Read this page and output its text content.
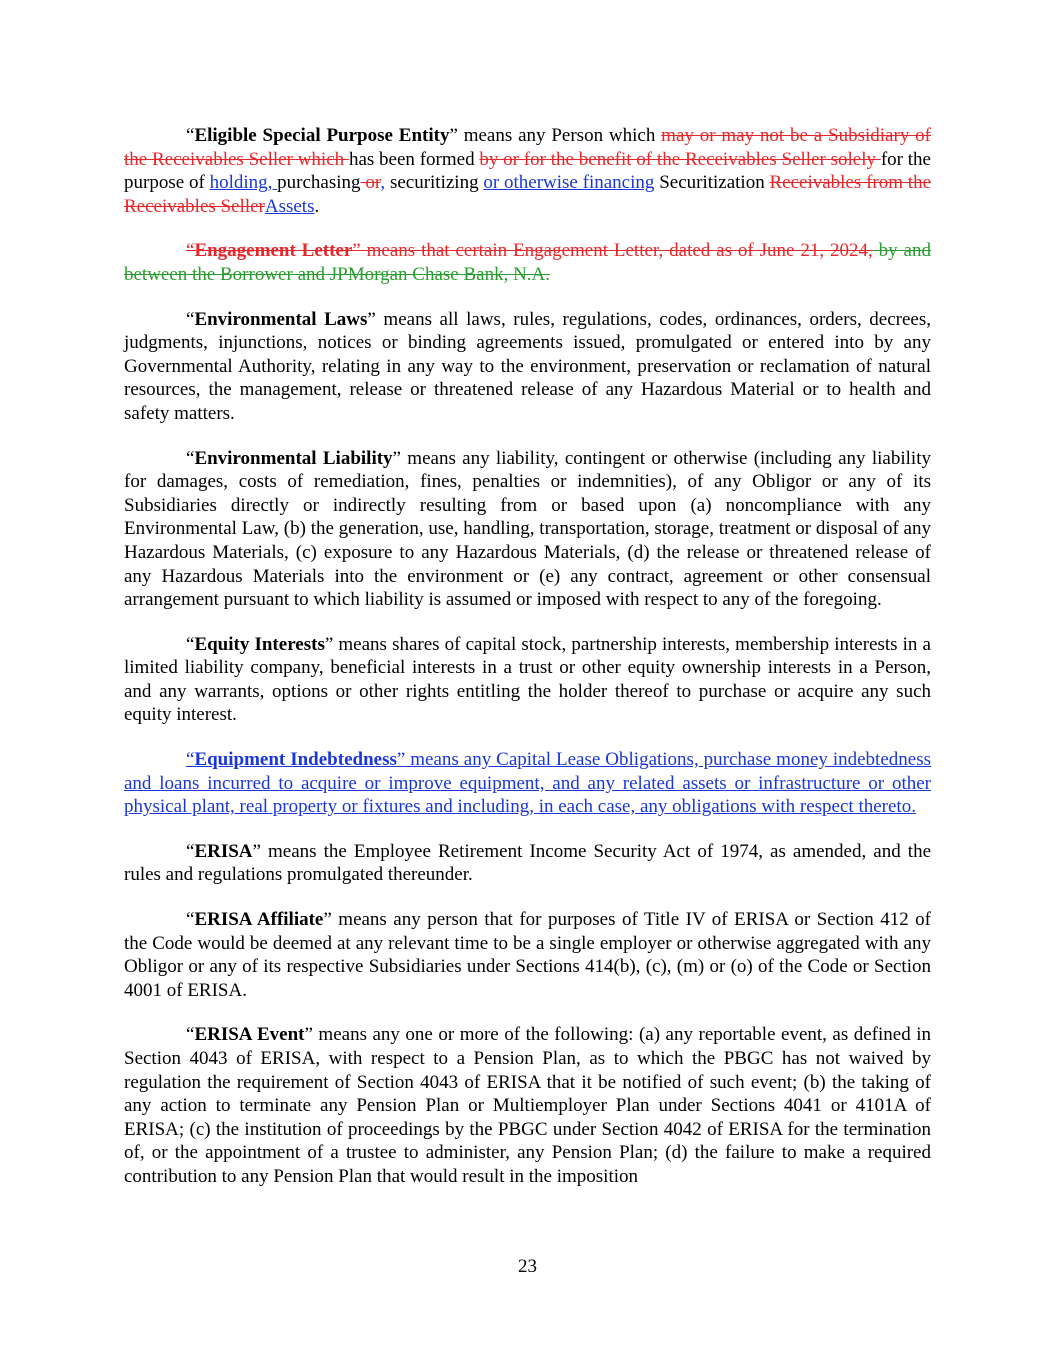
“Eligible Special Purpose Entity” means any Person which may or may not be a Subsidiary of the Receivables Seller which has been formed by or for the benefit of the Receivables Seller solely for the purpose of holding, purchasing or, securitizing or otherwise financing Securitization Receivables from the Receivables SellerAssets.

“Engagement Letter” means that certain Engagement Letter, dated as of June 21, 2024, by and between the Borrower and JPMorgan Chase Bank, N.A.

“Environmental Laws” means all laws, rules, regulations, codes, ordinances, orders, decrees, judgments, injunctions, notices or binding agreements issued, promulgated or entered into by any Governmental Authority, relating in any way to the environment, preservation or reclamation of natural resources, the management, release or threatened release of any Hazardous Material or to health and safety matters.

“Environmental Liability” means any liability, contingent or otherwise (including any liability for damages, costs of remediation, fines, penalties or indemnities), of any Obligor or any of its Subsidiaries directly or indirectly resulting from or based upon (a) noncompliance with any Environmental Law, (b) the generation, use, handling, transportation, storage, treatment or disposal of any Hazardous Materials, (c) exposure to any Hazardous Materials, (d) the release or threatened release of any Hazardous Materials into the environment or (e) any contract, agreement or other consensual arrangement pursuant to which liability is assumed or imposed with respect to any of the foregoing.

“Equity Interests” means shares of capital stock, partnership interests, membership interests in a limited liability company, beneficial interests in a trust or other equity ownership interests in a Person, and any warrants, options or other rights entitling the holder thereof to purchase or acquire any such equity interest.

“Equipment Indebtedness” means any Capital Lease Obligations, purchase money indebtedness and loans incurred to acquire or improve equipment, and any related assets or infrastructure or other physical plant, real property or fixtures and including, in each case, any obligations with respect thereto.

“ERISA” means the Employee Retirement Income Security Act of 1974, as amended, and the rules and regulations promulgated thereunder.

“ERISA Affiliate” means any person that for purposes of Title IV of ERISA or Section 412 of the Code would be deemed at any relevant time to be a single employer or otherwise aggregated with any Obligor or any of its respective Subsidiaries under Sections 414(b), (c), (m) or (o) of the Code or Section 4001 of ERISA.

“ERISA Event” means any one or more of the following: (a) any reportable event, as defined in Section 4043 of ERISA, with respect to a Pension Plan, as to which the PBGC has not waived by regulation the requirement of Section 4043 of ERISA that it be notified of such event; (b) the taking of any action to terminate any Pension Plan or Multiemployer Plan under Sections 4041 or 4101A of ERISA; (c) the institution of proceedings by the PBGC under Section 4042 of ERISA for the termination of, or the appointment of a trustee to administer, any Pension Plan; (d) the failure to make a required contribution to any Pension Plan that would result in the imposition

23
